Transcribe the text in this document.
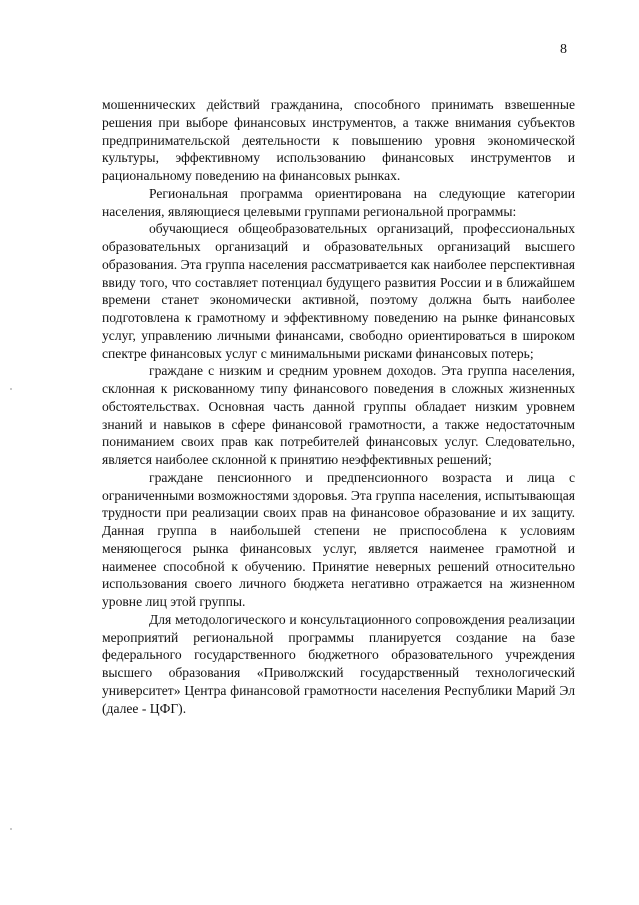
8

мошеннических действий гражданина, способного принимать взвешенные решения при выборе финансовых инструментов, а также внимания субъектов предпринимательской деятельности к повышению уровня экономической культуры, эффективному использованию финансовых инструментов и рациональному поведению на финансовых рынках.

Региональная программа ориентирована на следующие категории населения, являющиеся целевыми группами региональной программы:

обучающиеся общеобразовательных организаций, профессиональных образовательных организаций и образовательных организаций высшего образования. Эта группа населения рассматривается как наиболее перспективная ввиду того, что составляет потенциал будущего развития России и в ближайшем времени станет экономически активной, поэтому должна быть наиболее подготовлена к грамотному и эффективному поведению на рынке финансовых услуг, управлению личными финансами, свободно ориентироваться в широком спектре финансовых услуг с минимальными рисками финансовых потерь;

граждане с низким и средним уровнем доходов. Эта группа населения, склонная к рискованному типу финансового поведения в сложных жизненных обстоятельствах. Основная часть данной группы обладает низким уровнем знаний и навыков в сфере финансовой грамотности, а также недостаточным пониманием своих прав как потребителей финансовых услуг. Следовательно, является наиболее склонной к принятию неэффективных решений;

граждане пенсионного и предпенсионного возраста и лица с ограниченными возможностями здоровья. Эта группа населения, испытывающая трудности при реализации своих прав на финансовое образование и их защиту. Данная группа в наибольшей степени не приспособлена к условиям меняющегося рынка финансовых услуг, является наименее грамотной и наименее способной к обучению. Принятие неверных решений относительно использования своего личного бюджета негативно отражается на жизненном уровне лиц этой группы.

Для методологического и консультационного сопровождения реализации мероприятий региональной программы планируется создание на базе федерального государственного бюджетного образовательного учреждения высшего образования «Приволжский государственный технологический университет» Центра финансовой грамотности населения Республики Марий Эл (далее - ЦФГ).
